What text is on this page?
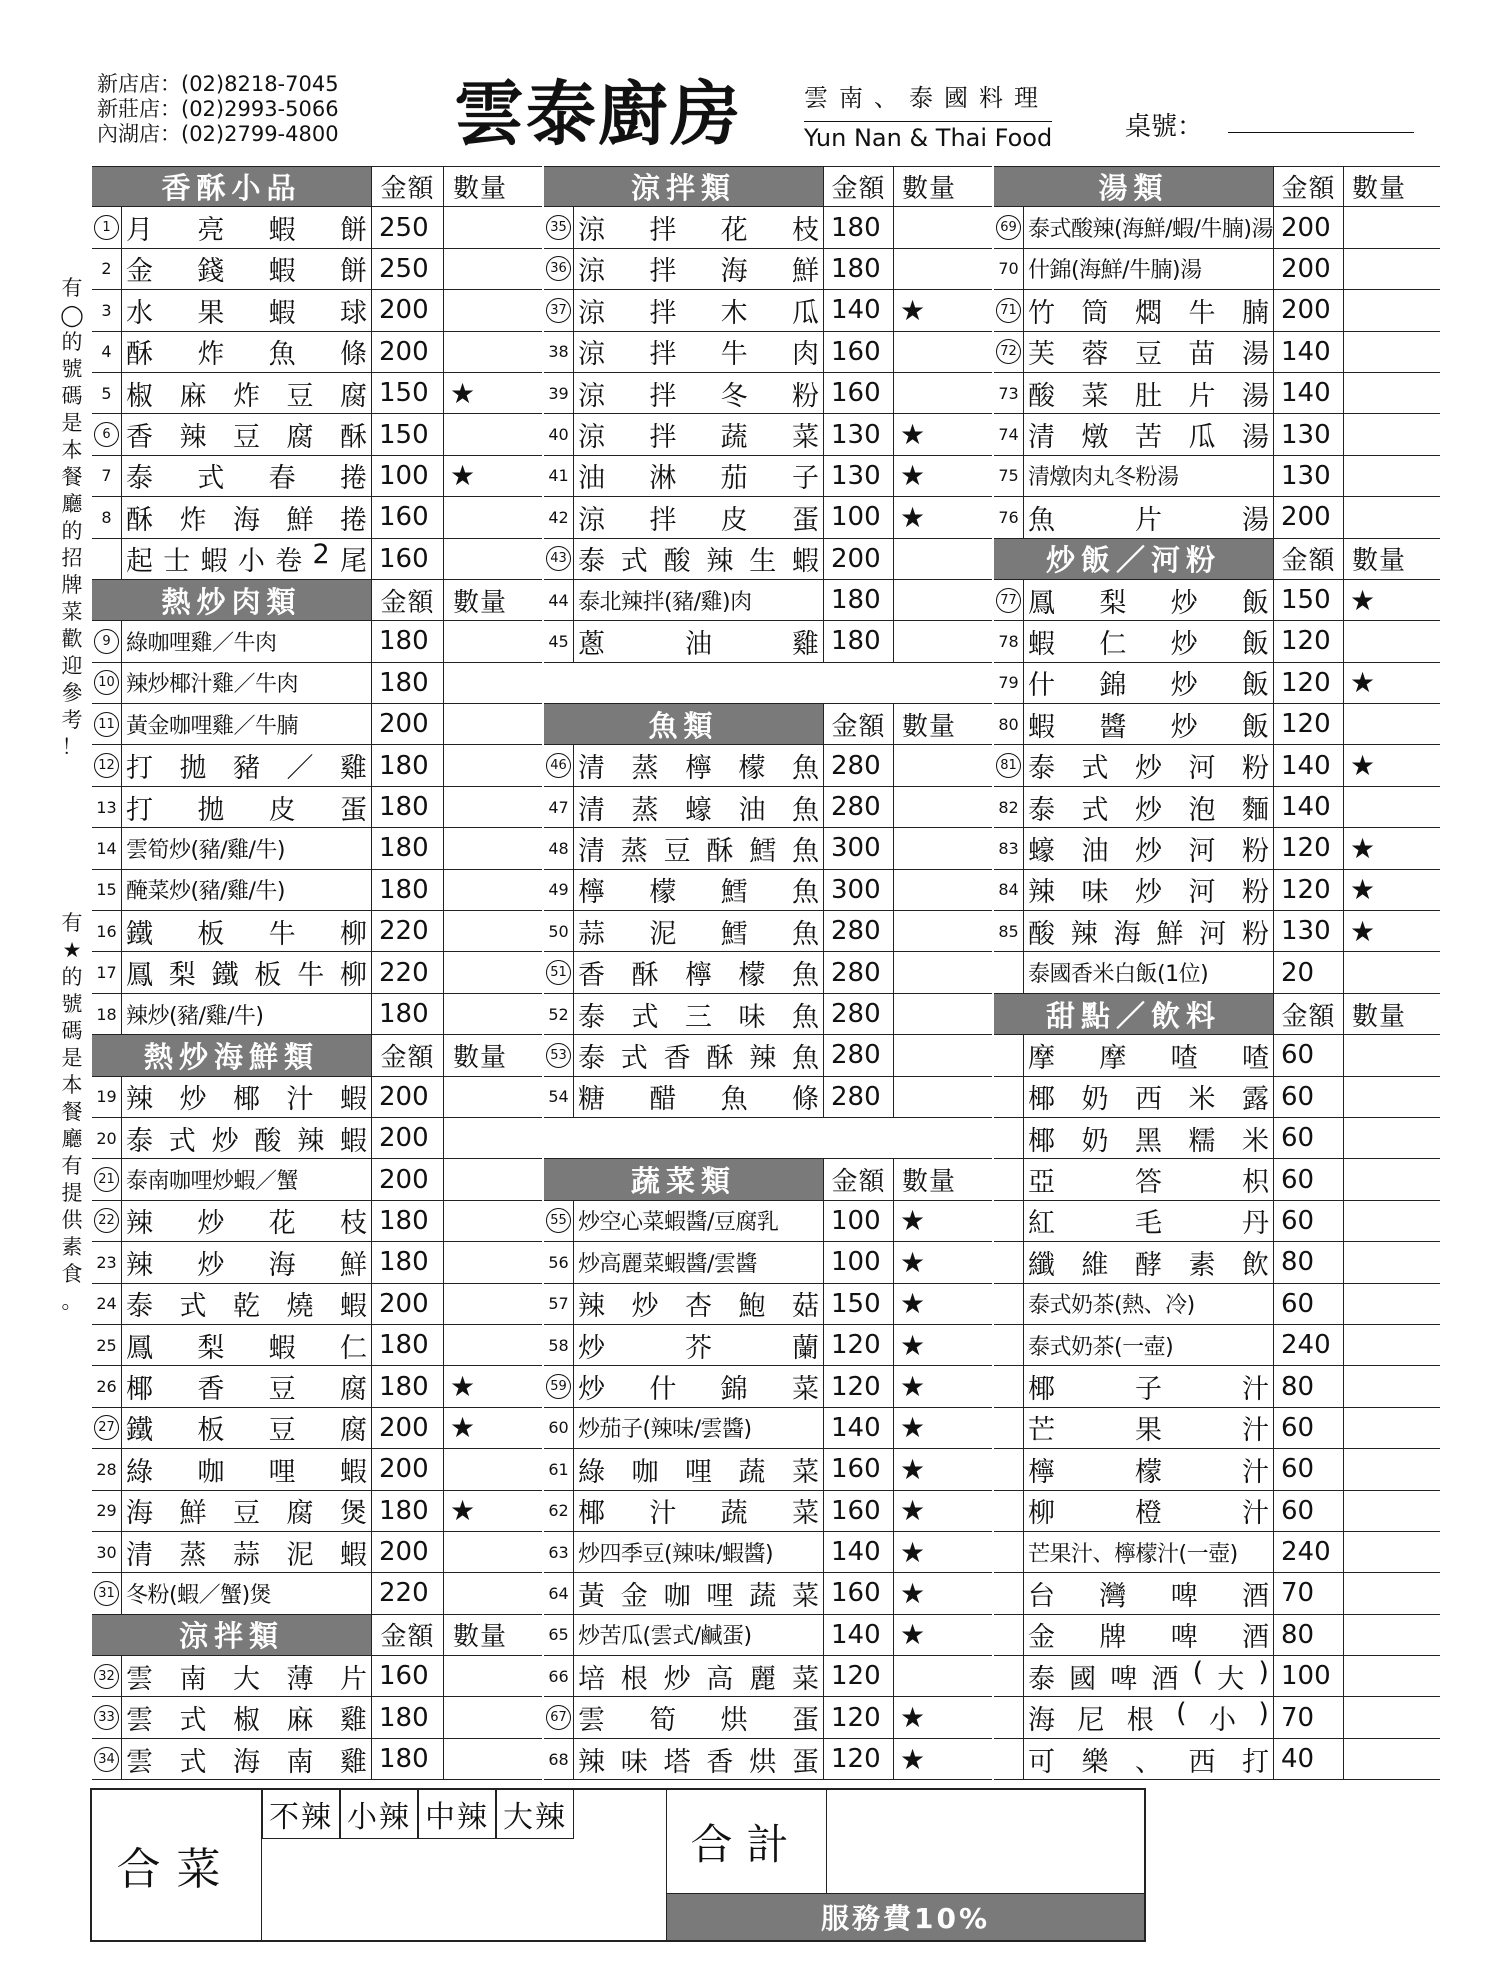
新店店：(02)8218-7045
新莊店：(02)2993-5066
內湖店：(02)2799-4800	雲泰廚房	雲南、泰國料理
Yun Nan & Thai Food	桌號：
有
◯
的
號
碼
是
本
餐
廳
的
招
牌
菜
歡
迎
參
考
！
有
★
的
號
碼
是
本
餐
廳
有
提
供
素
食
。
香酥小品	金額 數量
1 月 亮 蝦 餅 250
2 金 錢 蝦 餅 250
3 水 果 蝦 球 200
4 酥 炸 魚 條 200
5 椒 麻 炸 豆 腐 150 ★
6 香 辣 豆 腐 酥 150
7 泰 式 春 捲 100 ★
8 酥 炸 海 鮮 捲 160
起 士 蝦 小 卷 2 尾 160
熱炒肉類	金額 數量
9 綠咖哩雞／牛肉	180
10 辣炒椰汁雞／牛肉	180
11 黃金咖哩雞／牛腩	200
12 打 拋 豬 ／ 雞 180
13 打 拋 皮 蛋 180
14 雲筍炒(豬/雞/牛)	180
15 醃菜炒(豬/雞/牛)	180
16 鐵 板 牛 柳 220
17 鳳 梨 鐵 板 牛 柳 220
18 辣炒(豬/雞/牛)	180
熱炒海鮮類	金額 數量
19 辣 炒 椰 汁 蝦 200
20 泰 式 炒 酸 辣 蝦 200
21 泰南咖哩炒蝦／蟹	200
22 辣 炒 花 枝 180
23 辣 炒 海 鮮 180
24 泰 式 乾 燒 蝦 200
25 鳳 梨 蝦 仁 180
26 椰 香 豆 腐 180 ★
27 鐵 板 豆 腐 200 ★
28 綠 咖 哩 蝦 200
29 海 鮮 豆 腐 煲 180 ★
30 清 蒸 蒜 泥 蝦 200
31 冬粉(蝦／蟹)煲	220
涼拌類	金額 數量
32 雲 南 大 薄 片 160
33 雲 式 椒 麻 雞 180
34 雲 式 海 南 雞 180
涼拌類	金額 數量
35 涼 拌 花 枝 180
36 涼 拌 海 鮮 180
37 涼 拌 木 瓜 140 ★
38 涼 拌 牛 肉 160
39 涼 拌 冬 粉 160
40 涼 拌 蔬 菜 130 ★
41 油 淋 茄 子 130 ★
42 涼 拌 皮 蛋 100 ★
43 泰 式 酸 辣 生 蝦 200
44 泰北辣拌(豬/雞)肉	180
45 蔥	油	雞 180
魚類	金額 數量
46 清 蒸 檸 檬 魚 280
47 清 蒸 蠔 油 魚 280
48 清 蒸 豆 酥 鱈 魚 300
49 檸 檬 鱈 魚 300
50 蒜 泥 鱈 魚 280
51 香 酥 檸 檬 魚 280
52 泰 式 三 味 魚 280
53 泰 式 香 酥 辣 魚 280
54 糖 醋 魚 條 280
蔬菜類	金額 數量
55 炒空心菜蝦醬/豆腐乳	100 ★
56 炒高麗菜蝦醬/雲醬	100 ★
57 辣 炒 杏 鮑 菇 150 ★
58 炒	芥	蘭 120 ★
59 炒 什 錦 菜 120 ★
60 炒茄子(辣味/雲醬)	140 ★
61 綠 咖 哩 蔬 菜 160 ★
62 椰 汁 蔬 菜 160 ★
63 炒四季豆(辣味/蝦醬)	140 ★
64 黃 金 咖 哩 蔬 菜 160 ★
65 炒苦瓜(雲式/鹹蛋)	140 ★
66 培 根 炒 高 麗 菜 120
67 雲 筍 烘 蛋 120 ★
68 辣 味 塔 香 烘 蛋 120 ★
湯類	金額 數量
69 泰式酸辣(海鮮/蝦/牛腩)湯 200
70 什錦(海鮮/牛腩)湯	200
71 竹 筒 燜 牛 腩 200
72 芙 蓉 豆 苗 湯 140
73 酸 菜 肚 片 湯 140
74 清 燉 苦 瓜 湯 130
75 清燉肉丸冬粉湯	130
76 魚	片	湯 200
炒飯／河粉	金額 數量
77 鳳 梨 炒 飯 150 ★
78 蝦 仁 炒 飯 120
79 什 錦 炒 飯 120 ★
80 蝦 醬 炒 飯 120
81 泰 式 炒 河 粉 140 ★
82 泰 式 炒 泡 麵 140
83 蠔 油 炒 河 粉 120 ★
84 辣 味 炒 河 粉 120 ★
85 酸 辣 海 鮮 河 粉 130 ★
泰國香米白飯(1位)	20
甜點／飲料	金額 數量
摩 摩 喳 喳 60
椰 奶 西 米 露 60
椰 奶 黑 糯 米 60
亞	答	枳 60
紅	毛	丹 60
纖 維 酵 素 飲 80
泰式奶茶(熱、冷)	60
泰式奶茶(一壺)	240
椰	子	汁 80
芒	果	汁 60
檸	檬	汁 60
柳	橙	汁 60
芒果汁、檸檬汁(一壺)	240
台 灣 啤 酒 70
金 牌 啤 酒 80
泰 國 啤 酒 ( 大 ) 100
海 尼 根 ( 小 ) 70
可 樂 、 西 打 40
合菜
不辣 小辣 中辣 大辣
合計
服務費10%
